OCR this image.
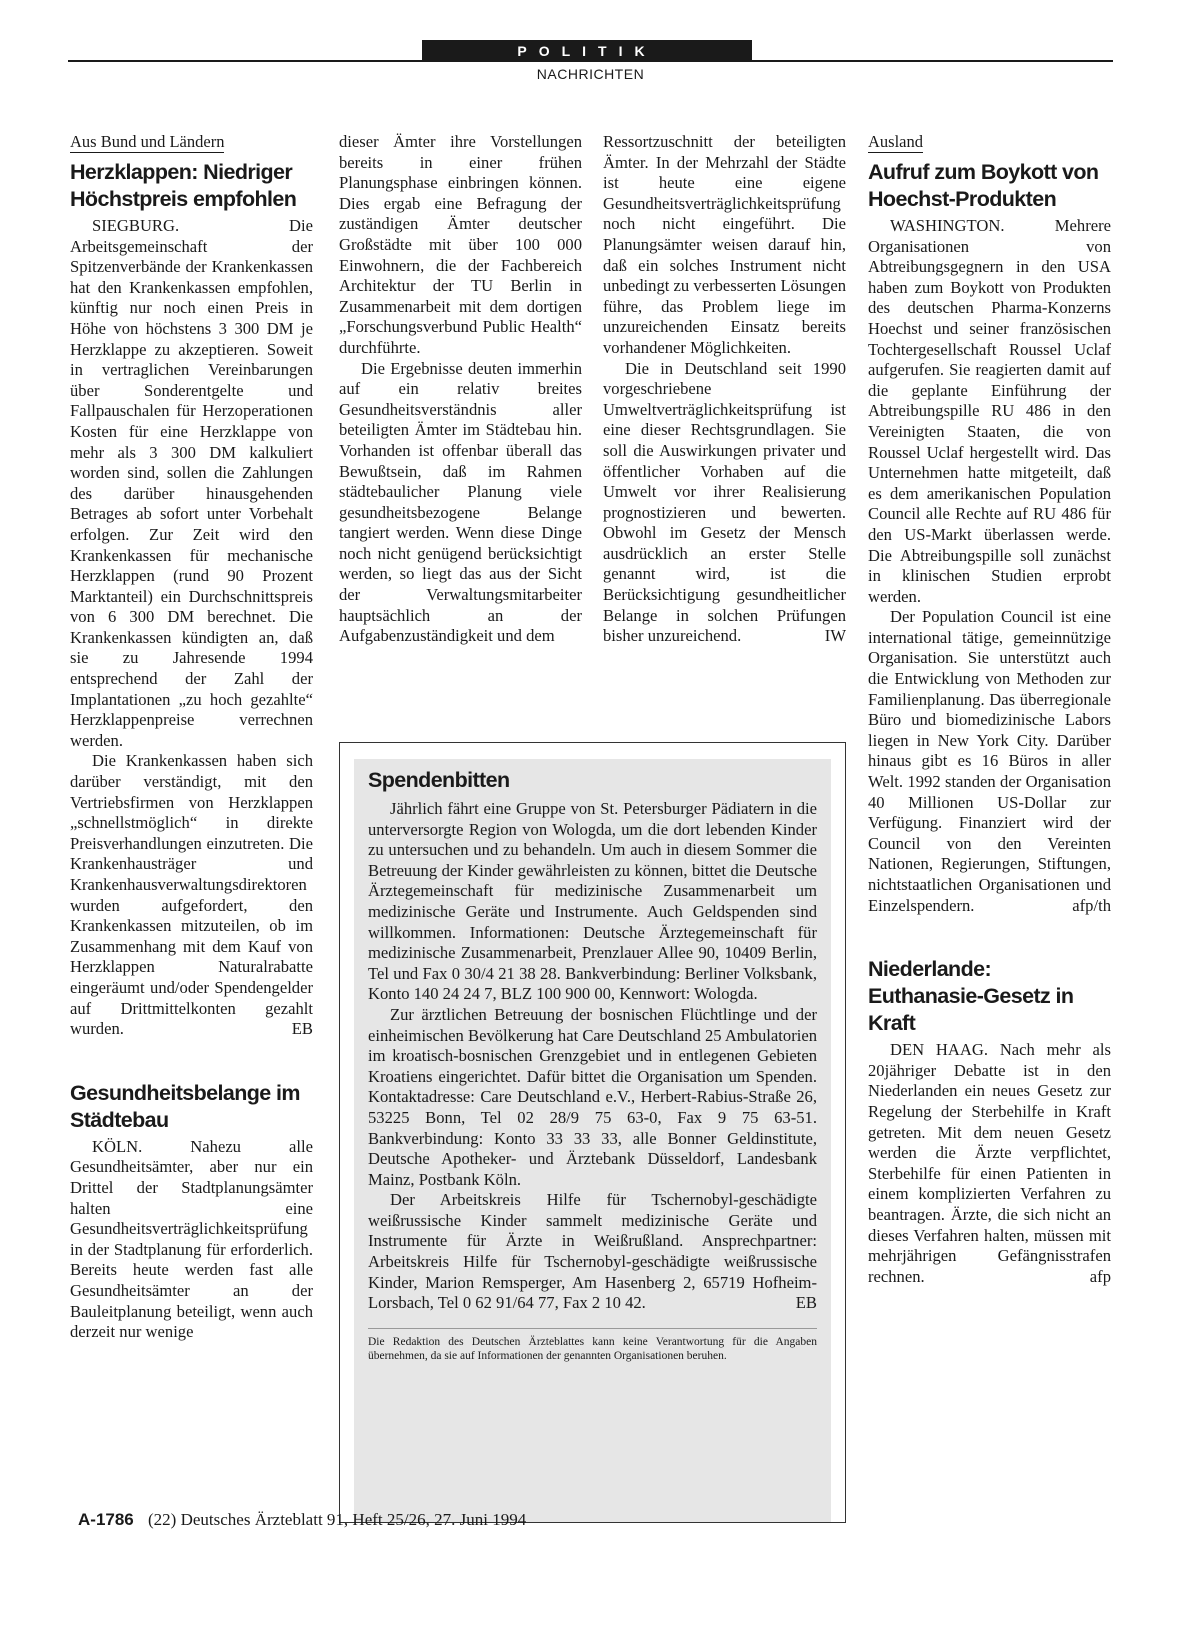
POLITIK
NACHRICHTEN
Aus Bund und Ländern
Herzklappen: Niedriger Höchstpreis empfohlen

SIEGBURG. Die Arbeitsgemeinschaft der Spitzenverbände der Krankenkassen hat den Krankenkassen empfohlen, künftig nur noch einen Preis in Höhe von höchstens 3 300 DM je Herzklappe zu akzeptieren. Soweit in vertraglichen Vereinbarungen über Sonderentgelte und Fallpauschalen für Herzoperationen Kosten für eine Herzklappe von mehr als 3 300 DM kalkuliert worden sind, sollen die Zahlungen des darüber hinausgehenden Betrages ab sofort unter Vorbehalt erfolgen. Zur Zeit wird den Krankenkassen für mechanische Herzklappen (rund 90 Prozent Marktanteil) ein Durchschnittspreis von 6 300 DM berechnet. Die Krankenkassen kündigten an, daß sie zu Jahresende 1994 entsprechend der Zahl der Implantationen „zu hoch gezahlte“ Herzklappenpreise verrechnen werden.

Die Krankenkassen haben sich darüber verständigt, mit den Vertriebsfirmen von Herzklappen „schnellstmöglich“ in direkte Preisverhandlungen einzutreten. Die Krankenhausträger und Krankenhausverwaltungsdirektoren wurden aufgefordert, den Krankenkassen mitzuteilen, ob im Zusammenhang mit dem Kauf von Herzklappen Naturalrabatte eingeräumt und/oder Spendengelder auf Drittmittelkonten gezahlt wurden.	EB

Gesundheitsbelange im Städtebau

KÖLN. Nahezu alle Gesundheitsämter, aber nur ein Drittel der Stadtplanungsämter halten eine Gesundheitsverträglichkeitsprüfung in der Stadtplanung für erforderlich. Bereits heute werden fast alle Gesundheitsämter an der Bauleitplanung beteiligt, wenn auch derzeit nur wenige

dieser Ämter ihre Vorstellungen bereits in einer frühen Planungsphase einbringen können. Dies ergab eine Befragung der zuständigen Ämter deutscher Großstädte mit über 100 000 Einwohnern, die der Fachbereich Architektur der TU Berlin in Zusammenarbeit mit dem dortigen „Forschungsverbund Public Health“ durchführte.

Die Ergebnisse deuten immerhin auf ein relativ breites Gesundheitsverständnis aller beteiligten Ämter im Städtebau hin. Vorhanden ist offenbar überall das Bewußtsein, daß im Rahmen städtebaulicher Planung viele gesundheitsbezogene Belange tangiert werden. Wenn diese Dinge noch nicht genügend berücksichtigt werden, so liegt das aus der Sicht der Verwaltungsmitarbeiter hauptsächlich an der Aufgabenzuständigkeit und dem

Ressortzuschnitt der beteiligten Ämter. In der Mehrzahl der Städte ist heute eine eigene Gesundheitsverträglichkeitsprüfung noch nicht eingeführt. Die Planungsämter weisen darauf hin, daß ein solches Instrument nicht unbedingt zu verbesserten Lösungen führe, das Problem liege im unzureichenden Einsatz bereits vorhandener Möglichkeiten.

Die in Deutschland seit 1990 vorgeschriebene Umweltverträglichkeitsprüfung ist eine dieser Rechtsgrundlagen. Sie soll die Auswirkungen privater und öffentlicher Vorhaben auf die Umwelt vor ihrer Realisierung prognostizieren und bewerten. Obwohl im Gesetz der Mensch ausdrücklich an erster Stelle genannt wird, ist die Berücksichtigung gesundheitlicher Belange in solchen Prüfungen bisher unzureichend.	IW

Ausland
Aufruf zum Boykott von Hoechst-Produkten

WASHINGTON. Mehrere Organisationen von Abtreibungsgegnern in den USA haben zum Boykott von Produkten des deutschen Pharma-Konzerns Hoechst und seiner französischen Tochtergesellschaft Roussel Uclaf aufgerufen. Sie reagierten damit auf die geplante Einführung der Abtreibungspille RU 486 in den Vereinigten Staaten, die von Roussel Uclaf hergestellt wird. Das Unternehmen hatte mitgeteilt, daß es dem amerikanischen Population Council alle Rechte auf RU 486 für den US-Markt überlassen werde. Die Abtreibungspille soll zunächst in klinischen Studien erprobt werden.

Der Population Council ist eine international tätige, gemeinnützige Organisation. Sie unterstützt auch die Entwicklung von Methoden zur Familienplanung. Das überregionale Büro und biomedizinische Labors liegen in New York City. Darüber hinaus gibt es 16 Büros in aller Welt. 1992 standen der Organisation 40 Millionen US-Dollar zur Verfügung. Finanziert wird der Council von den Vereinten Nationen, Regierungen, Stiftungen, nichtstaatlichen Organisationen und Einzelspendern.	afp/th

Niederlande: Euthanasie-Gesetz in Kraft

DEN HAAG. Nach mehr als 20jähriger Debatte ist in den Niederlanden ein neues Gesetz zur Regelung der Sterbehilfe in Kraft getreten. Mit dem neuen Gesetz werden die Ärzte verpflichtet, Sterbehilfe für einen Patienten in einem komplizierten Verfahren zu beantragen. Ärzte, die sich nicht an dieses Verfahren halten, müssen mit mehrjährigen Gefängnisstrafen rechnen.	afp

Spendenbitten

Jährlich fährt eine Gruppe von St. Petersburger Pädiatern in die unterversorgte Region von Wologda, um die dort lebenden Kinder zu untersuchen und zu behandeln. Um auch in diesem Sommer die Betreuung der Kinder gewährleisten zu können, bittet die Deutsche Ärztegemeinschaft für medizinische Zusammenarbeit um medizinische Geräte und Instrumente. Auch Geldspenden sind willkommen. Informationen: Deutsche Ärztegemeinschaft für medizinische Zusammenarbeit, Prenzlauer Allee 90, 10409 Berlin, Tel und Fax 0 30/4 21 38 28. Bankverbindung: Berliner Volksbank, Konto 140 24 24 7, BLZ 100 900 00, Kennwort: Wologda.

Zur ärztlichen Betreuung der bosnischen Flüchtlinge und der einheimischen Bevölkerung hat Care Deutschland 25 Ambulatorien im kroatisch-bosnischen Grenzgebiet und in entlegenen Gebieten Kroatiens eingerichtet. Dafür bittet die Organisation um Spenden. Kontaktadresse: Care Deutschland e.V., Herbert-Rabius-Straße 26, 53225 Bonn, Tel 02 28/9 75 63-0, Fax 9 75 63-51. Bankverbindung: Konto 33 33 33, alle Bonner Geldinstitute, Deutsche Apotheker- und Ärztebank Düsseldorf, Landesbank Mainz, Postbank Köln.

Der Arbeitskreis Hilfe für Tschernobyl-geschädigte weißrussische Kinder sammelt medizinische Geräte und Instrumente für Ärzte in Weißrußland. Ansprechpartner: Arbeitskreis Hilfe für Tschernobyl-geschädigte weißrussische Kinder, Marion Remsperger, Am Hasenberg 2, 65719 Hofheim-Lorsbach, Tel 0 62 91/64 77, Fax 2 10 42.	EB

Die Redaktion des Deutschen Ärzteblattes kann keine Verantwortung für die Angaben übernehmen, da sie auf Informationen der genannten Organisationen beruhen.

A-1786 (22) Deutsches Ärzteblatt 91, Heft 25/26, 27. Juni 1994
